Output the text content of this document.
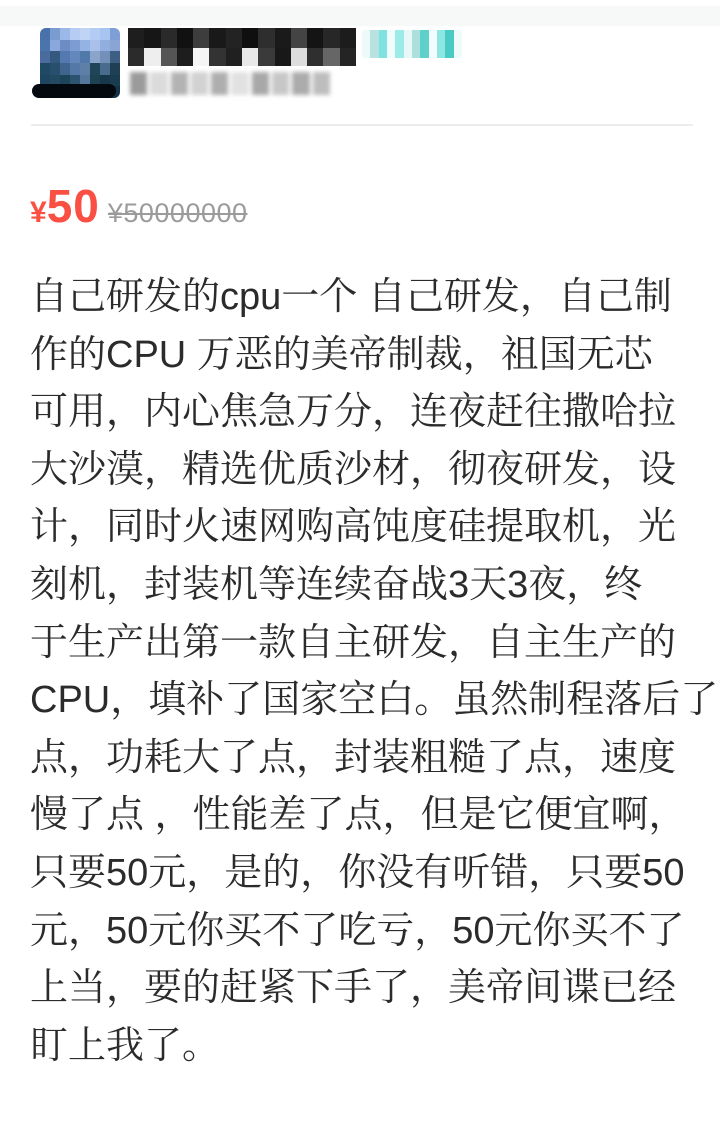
¥ 50 ¥50000000
自己研发的cpu一个 自己研发，自己制
作的CPU 万恶的美帝制裁，祖国无芯
可用，内心焦急万分，连夜赶往撒哈拉
大沙漠，精选优质沙材，彻夜研发，设
计，同时火速网购高饨度硅提取机，光
刻机，封装机等连续奋战3天3夜，终
于生产出第一款自主研发，自主生产的
CPU，填补了国家空白。虽然制程落后了
点，功耗大了点，封装粗糙了点，速度
慢了点 ，性能差了点，但是它便宜啊，
只要50元，是的，你没有听错，只要50
元，50元你买不了吃亏，50元你买不了
上当，要的赶紧下手了，美帝间谍已经
盯上我了。
